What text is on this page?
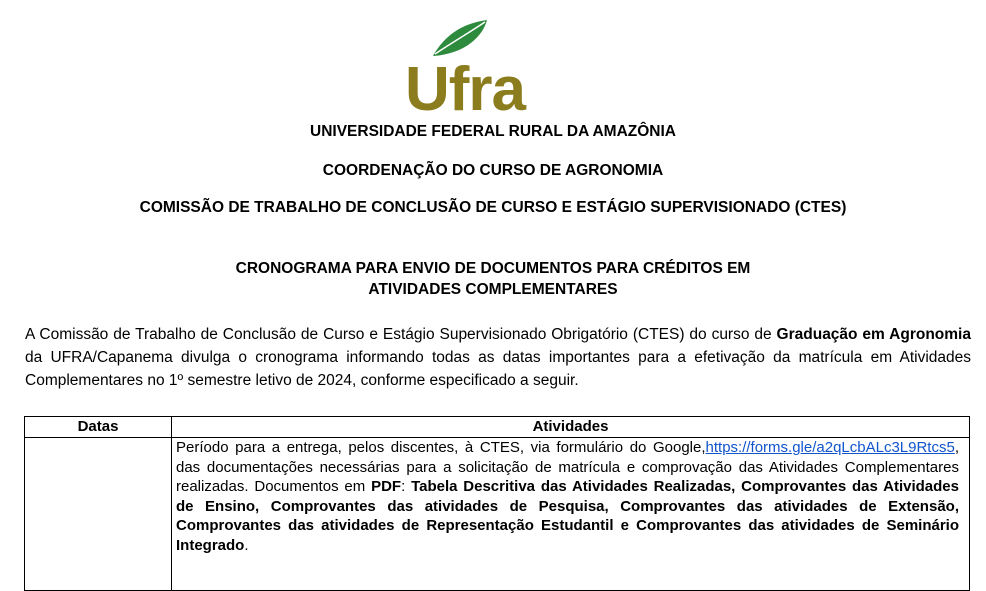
Ufra
UNIVERSIDADE FEDERAL RURAL DA AMAZÔNIA
COORDENAÇÃO DO CURSO DE AGRONOMIA
COMISSÃO DE TRABALHO DE CONCLUSÃO DE CURSO E ESTÁGIO SUPERVISIONADO (CTES)
CRONOGRAMA PARA ENVIO DE DOCUMENTOS PARA CRÉDITOS EM
ATIVIDADES COMPLEMENTARES

A Comissão de Trabalho de Conclusão de Curso e Estágio Supervisionado Obrigatório (CTES) do curso de Graduação em Agronomia da UFRA/Capanema divulga o cronograma informando todas as datas importantes para a efetivação da matrícula em Atividades Complementares no 1º semestre letivo de 2024, conforme especificado a seguir.

Datas	Atividades
	Período para a entrega, pelos discentes, à CTES, via formulário do Google,https://forms.gle/a2qLcbALc3L9Rtcs5, das documentações necessárias para a solicitação de matrícula e comprovação das Atividades Complementares realizadas. Documentos em PDF: Tabela Descritiva das Atividades Realizadas, Comprovantes das Atividades de Ensino, Comprovantes das atividades de Pesquisa, Comprovantes das atividades de Extensão, Comprovantes das atividades de Representação Estudantil e Comprovantes das atividades de Seminário Integrado.
